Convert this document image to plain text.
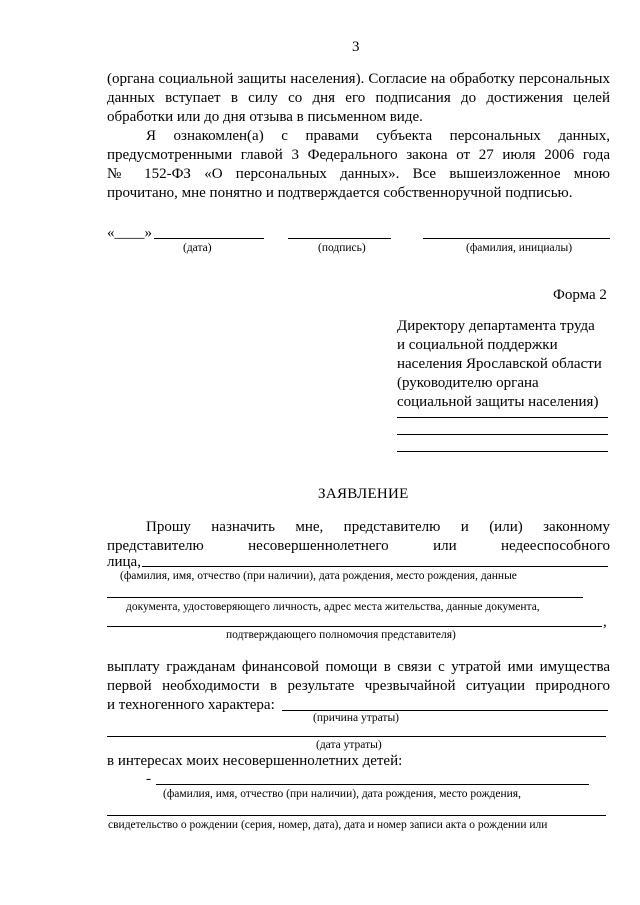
3
(органа социальной защиты населения). Согласие на обработку персональных
данных вступает в силу со дня его подписания до достижения целей
обработки или до дня отзыва в письменном виде.
Я ознакомлен(а) с правами субъекта персональных данных,
предусмотренными главой 3 Федерального закона от 27 июля 2006 года
№ 152-ФЗ «О персональных данных». Все вышеизложенное мною
прочитано, мне понятно и подтверждается собственноручной подписью.
«____»
(дата)	(подпись)	(фамилия, инициалы)
Форма 2
Директору департамента труда
и социальной поддержки
населения Ярославской области
(руководителю органа
социальной защиты населения)
ЗАЯВЛЕНИЕ
Прошу назначить мне, представителю и (или) законному
представителю несовершеннолетнего или недееспособного
лица,
(фамилия, имя, отчество (при наличии), дата рождения, место рождения, данные
документа, удостоверяющего личность, адрес места жительства, данные документа,
,
подтверждающего полномочия представителя)
выплату гражданам финансовой помощи в связи с утратой ими имущества
первой необходимости в результате чрезвычайной ситуации природного
и техногенного характера:
(причина утраты)
(дата утраты)
в интересах моих несовершеннолетних детей:
-
(фамилия, имя, отчество (при наличии), дата рождения, место рождения,
свидетельство о рождении (серия, номер, дата), дата и номер записи акта о рождении или
